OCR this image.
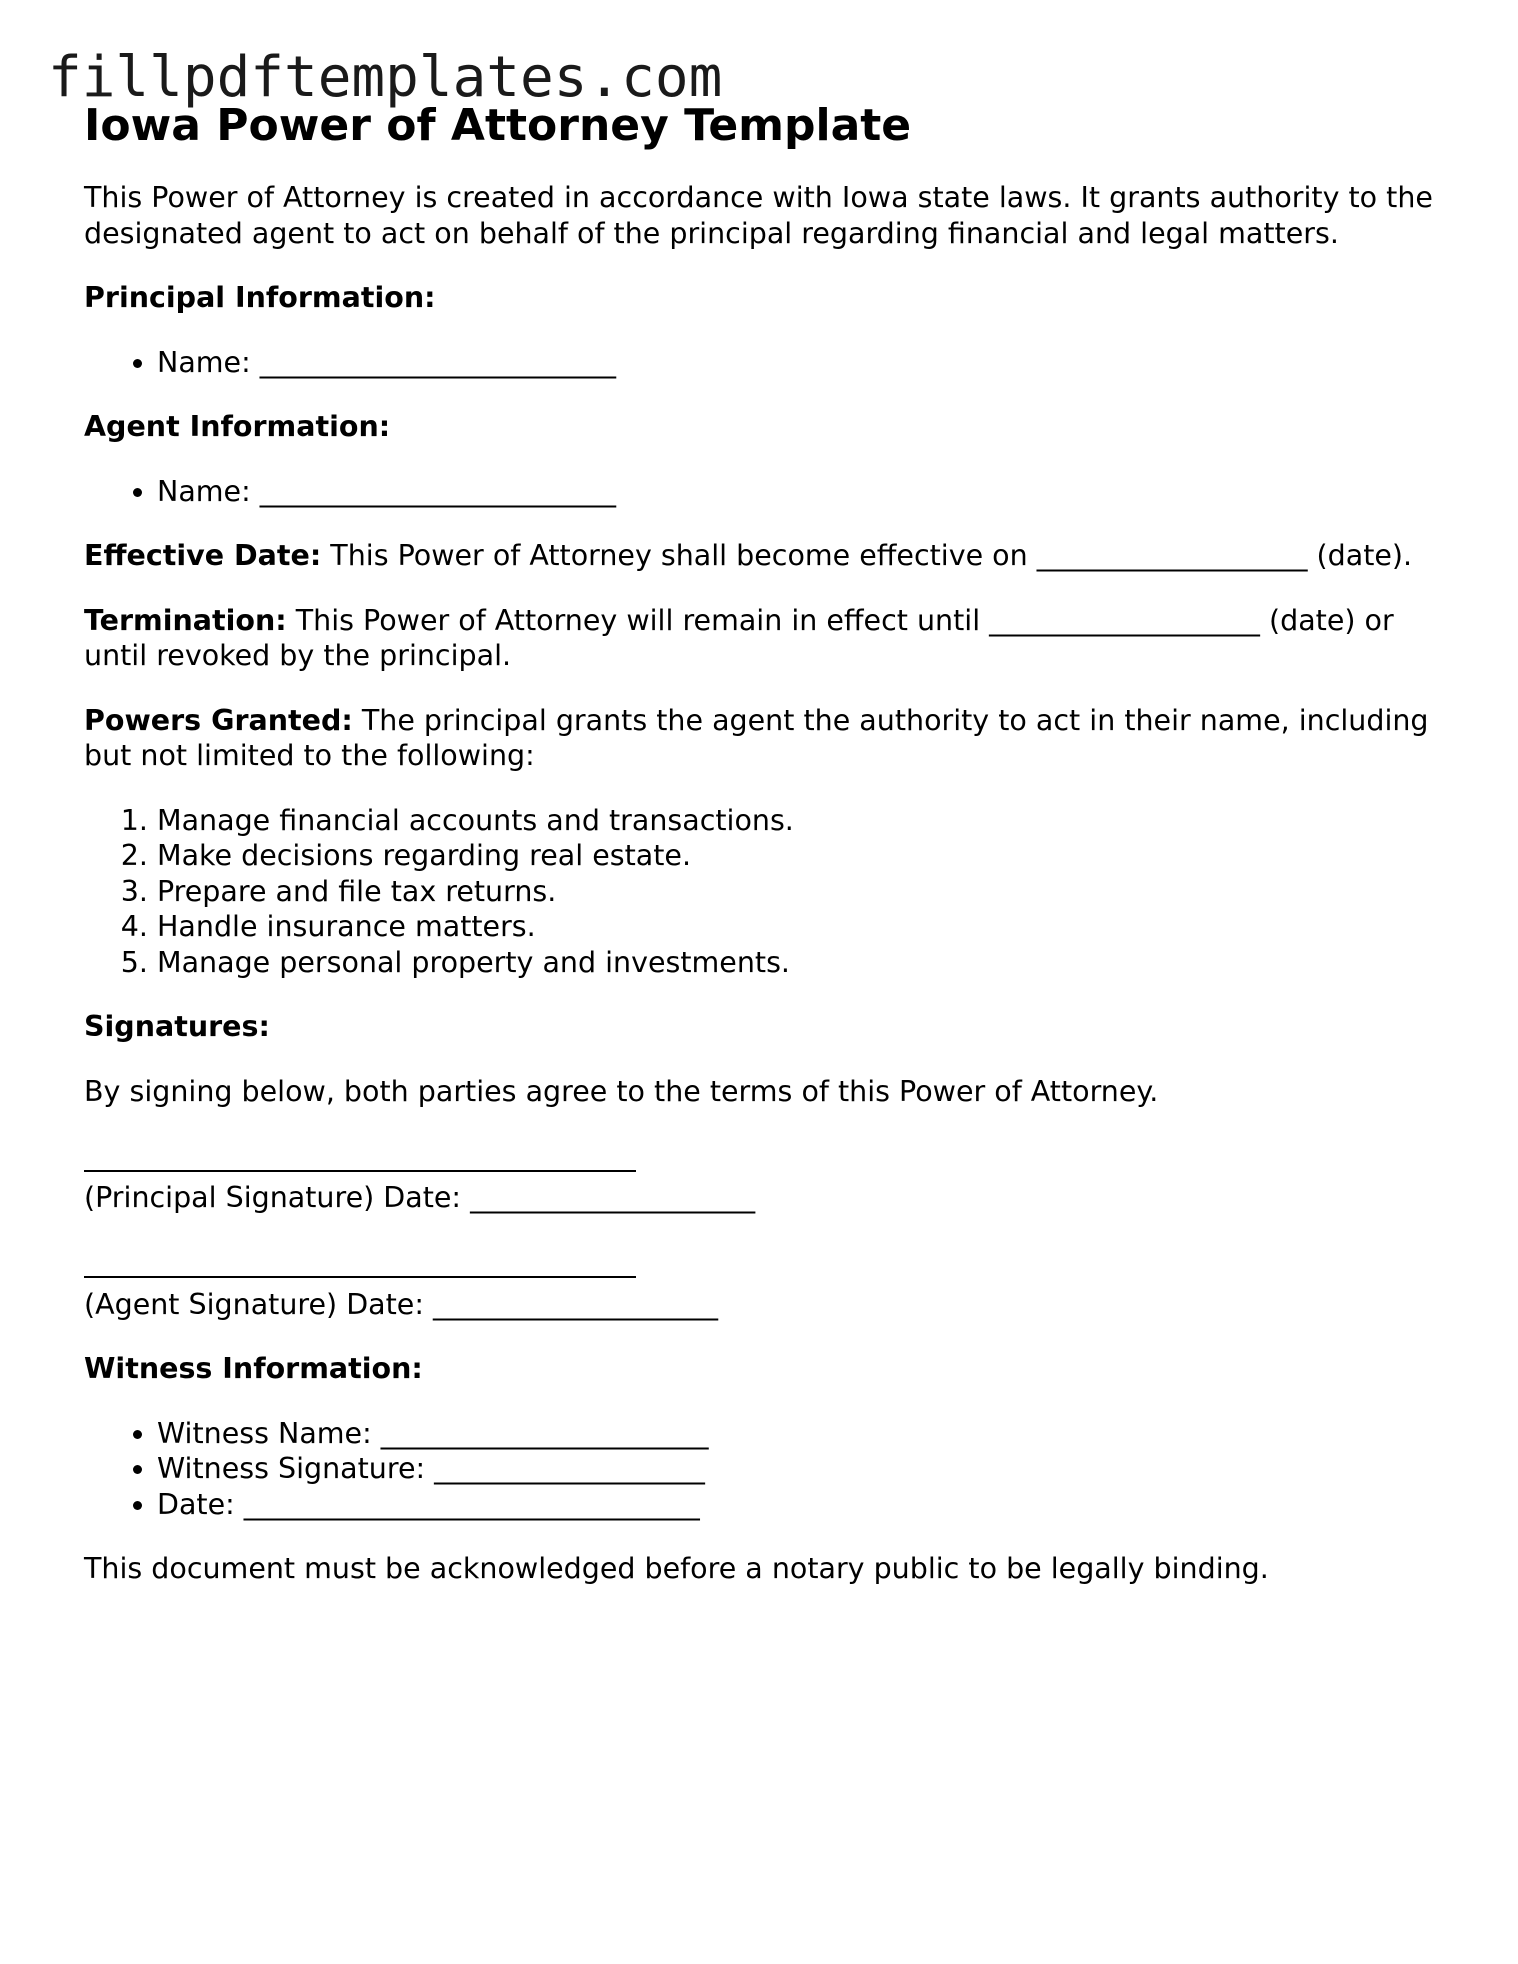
fillpdftemplates.com
Iowa Power of Attorney Template

This Power of Attorney is created in accordance with Iowa state laws. It grants authority to the designated agent to act on behalf of the principal regarding financial and legal matters.

Principal Information:
• Name: _________________________
Agent Information:
• Name: _________________________

Effective Date: This Power of Attorney shall become effective on ___________________ (date).

Termination: This Power of Attorney will remain in effect until ___________________ (date) or until revoked by the principal.

Powers Granted: The principal grants the agent the authority to act in their name, including but not limited to the following:

1. Manage financial accounts and transactions.
2. Make decisions regarding real estate.
3. Prepare and file tax returns.
4. Handle insurance matters.
5. Manage personal property and investments.
Signatures:

By signing below, both parties agree to the terms of this Power of Attorney.

(Principal Signature) Date: ____________________
(Agent Signature) Date: ____________________
Witness Information:
• Witness Name: _______________________
• Witness Signature: ___________________
• Date: ________________________________

This document must be acknowledged before a notary public to be legally binding.
